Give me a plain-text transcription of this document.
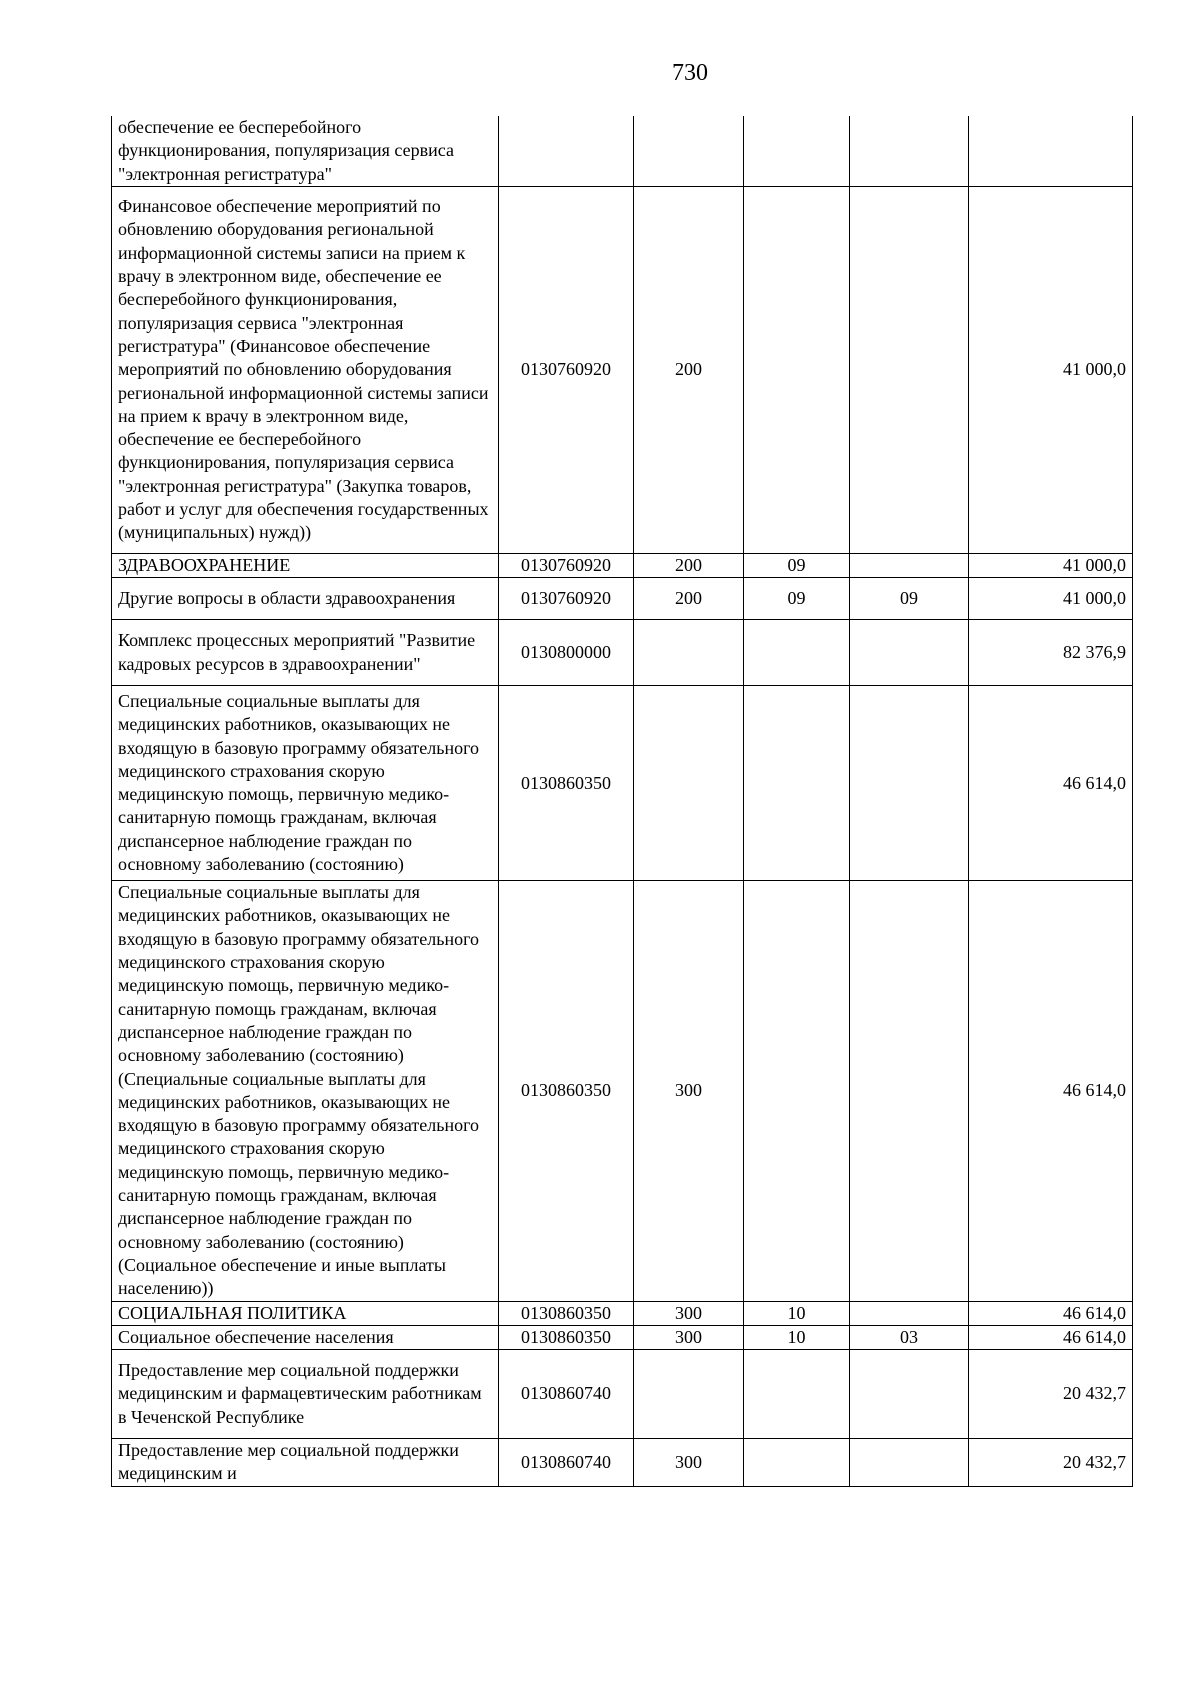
730
обеспечение ее бесперебойного функционирования, популяризация сервиса "электронная регистратура"					
Финансовое обеспечение мероприятий по обновлению оборудования региональной информационной системы записи на прием к врачу в электронном виде, обеспечение ее бесперебойного функционирования, популяризация сервиса "электронная регистратура" (Финансовое обеспечение мероприятий по обновлению оборудования региональной информационной системы записи на прием к врачу в электронном виде, обеспечение ее бесперебойного функционирования, популяризация сервиса "электронная регистратура" (Закупка товаров, работ и услуг для обеспечения государственных (муниципальных) нужд))	0130760920	200			41 000,0
ЗДРАВООХРАНЕНИЕ	0130760920	200	09		41 000,0
Другие вопросы в области здравоохранения	0130760920	200	09	09	41 000,0
Комплекс процессных мероприятий "Развитие кадровых ресурсов в здравоохранении"	0130800000				82 376,9
Специальные социальные выплаты для медицинских работников, оказывающих не входящую в базовую программу обязательного медицинского страхования скорую медицинскую помощь, первичную медико-санитарную помощь гражданам, включая диспансерное наблюдение граждан по основному заболеванию (состоянию)	0130860350				46 614,0
Специальные социальные выплаты для медицинских работников, оказывающих не входящую в базовую программу обязательного медицинского страхования скорую медицинскую помощь, первичную медико-санитарную помощь гражданам, включая диспансерное наблюдение граждан по основному заболеванию (состоянию) (Специальные социальные выплаты для медицинских работников, оказывающих не входящую в базовую программу обязательного медицинского страхования скорую медицинскую помощь, первичную медико-санитарную помощь гражданам, включая диспансерное наблюдение граждан по основному заболеванию (состоянию) (Социальное обеспечение и иные выплаты населению))	0130860350	300			46 614,0
СОЦИАЛЬНАЯ ПОЛИТИКА	0130860350	300	10		46 614,0
Социальное обеспечение населения	0130860350	300	10	03	46 614,0
Предоставление мер социальной поддержки медицинским и фармацевтическим работникам в Чеченской Республике	0130860740				20 432,7
Предоставление мер социальной поддержки медицинским и	0130860740	300			20 432,7
